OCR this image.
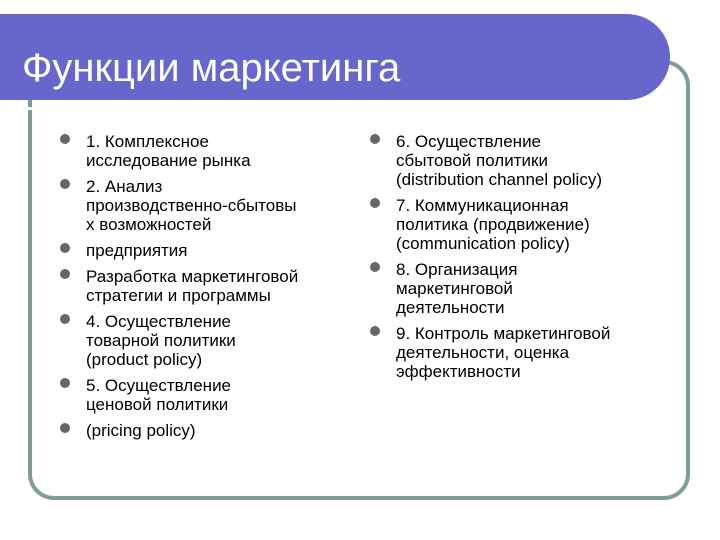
Функции маркетинга
1. Комплексное
исследование рынка
2. Анализ
производственно-сбытовы
х возможностей
предприятия
Разработка маркетинговой
стратегии и программы
4. Осуществление
товарной политики
(product policy)
5. Осуществление
ценовой политики
(pricing policy)
6. Осуществление
сбытовой политики
(distribution channel policy)
7. Коммуникационная
политика (продвижение)
(communication policy)
8. Организация
маркетинговой
деятельности
9. Контроль маркетинговой
деятельности, оценка
эффективности
